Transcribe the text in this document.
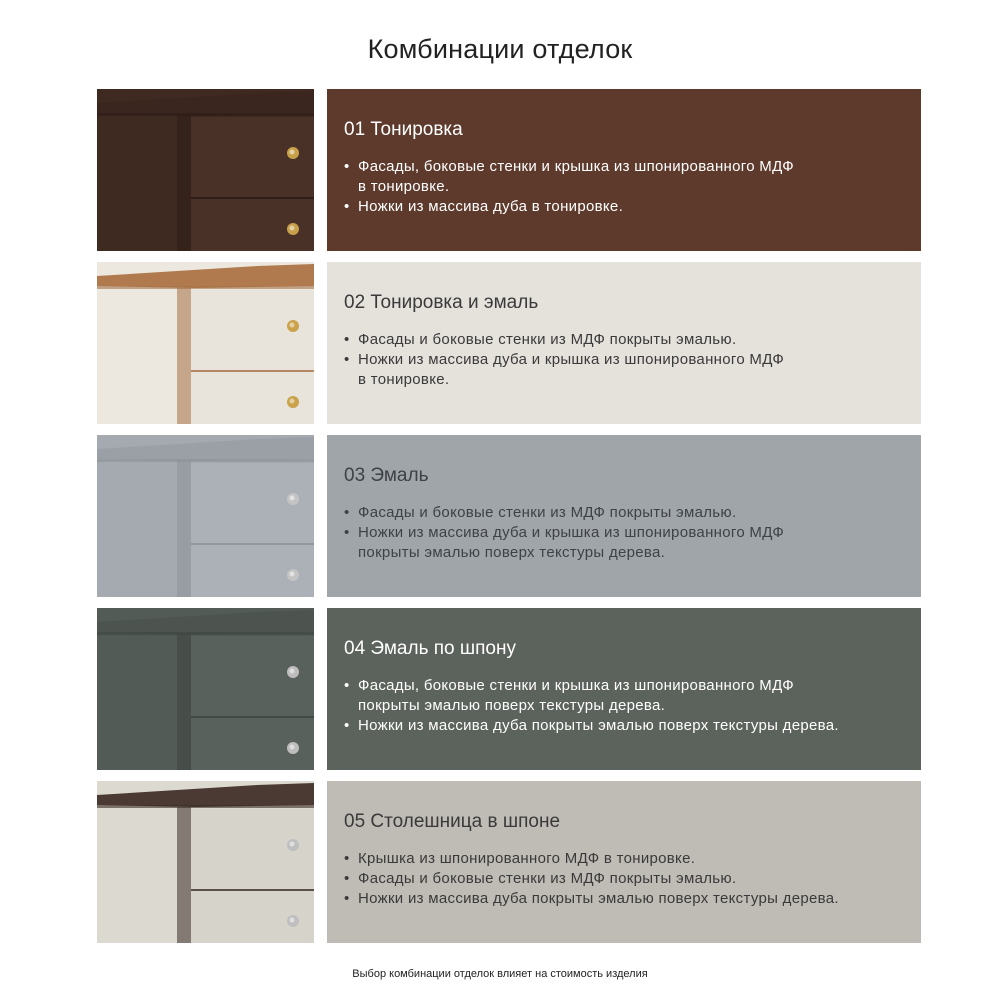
Комбинации отделок
01 Тонировка
• Фасады, боковые стенки и крышка из шпонированного МДФ
в тонировке.
• Ножки из массива дуба в тонировке.
02 Тонировка и эмаль
• Фасады и боковые стенки из МДФ покрыты эмалью.
• Ножки из массива дуба и крышка из шпонированного МДФ
в тонировке.
03 Эмаль
• Фасады и боковые стенки из МДФ покрыты эмалью.
• Ножки из массива дуба и крышка из шпонированного МДФ
покрыты эмалью поверх текстуры дерева.
04 Эмаль по шпону
• Фасады, боковые стенки и крышка из шпонированного МДФ
покрыты эмалью поверх текстуры дерева.
• Ножки из массива дуба покрыты эмалью поверх текстуры дерева.
05 Столешница в шпоне
• Крышка из шпонированного МДФ в тонировке.
• Фасады и боковые стенки из МДФ покрыты эмалью.
• Ножки из массива дуба покрыты эмалью поверх текстуры дерева.
Выбор комбинации отделок влияет на стоимость изделия
